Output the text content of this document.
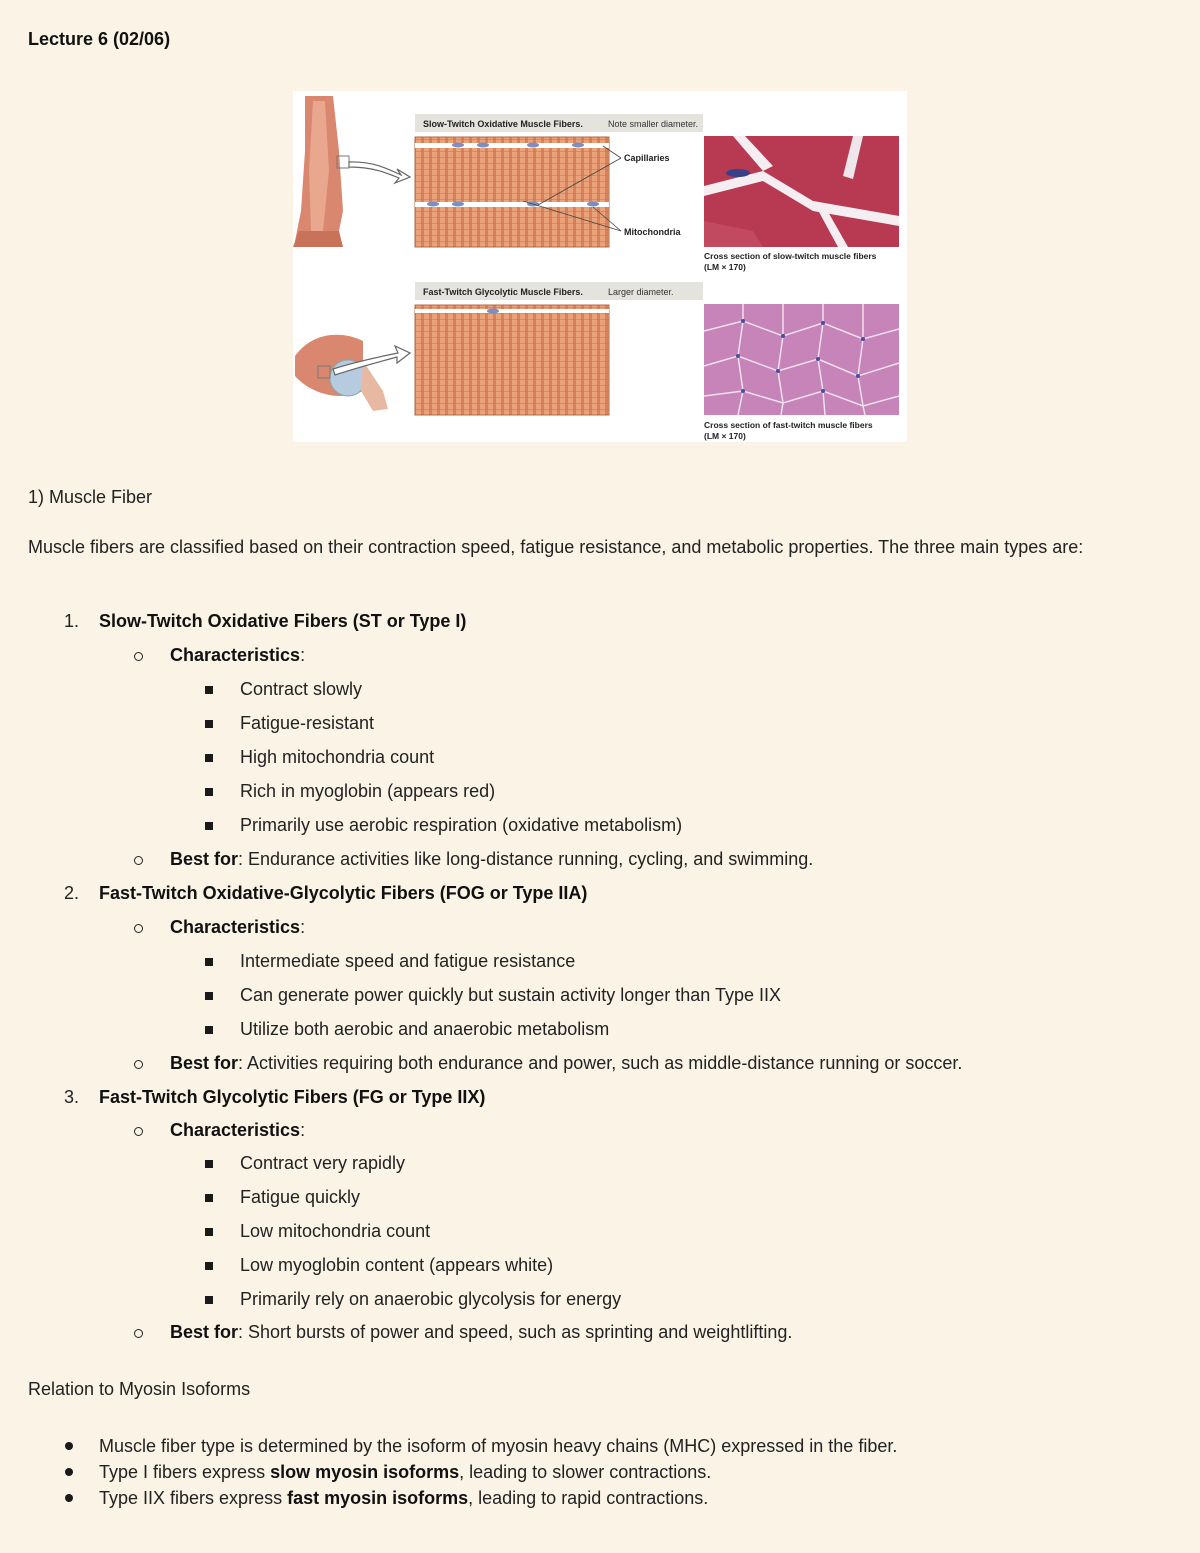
Lecture 6 (02/06)
Slow-Twitch Oxidative Muscle Fibers.	Note smaller diameter.
Capillaries
Mitochondria
Cross section of slow-twitch muscle fibers
(LM × 170)
Fast-Twitch Glycolytic Muscle Fibers.	Larger diameter.
Cross section of fast-twitch muscle fibers
(LM × 170)
1) Muscle Fiber
Muscle fibers are classified based on their contraction speed, fatigue resistance, and metabolic properties. The three main types are:
1. Slow-Twitch Oxidative Fibers (ST or Type I)
Characteristics:
Contract slowly
Fatigue-resistant
High mitochondria count
Rich in myoglobin (appears red)
Primarily use aerobic respiration (oxidative metabolism)
Best for: Endurance activities like long-distance running, cycling, and swimming.
2. Fast-Twitch Oxidative-Glycolytic Fibers (FOG or Type IIA)
Characteristics:
Intermediate speed and fatigue resistance
Can generate power quickly but sustain activity longer than Type IIX
Utilize both aerobic and anaerobic metabolism
Best for: Activities requiring both endurance and power, such as middle-distance running or soccer.
3. Fast-Twitch Glycolytic Fibers (FG or Type IIX)
Characteristics:
Contract very rapidly
Fatigue quickly
Low mitochondria count
Low myoglobin content (appears white)
Primarily rely on anaerobic glycolysis for energy
Best for: Short bursts of power and speed, such as sprinting and weightlifting.
Relation to Myosin Isoforms
Muscle fiber type is determined by the isoform of myosin heavy chains (MHC) expressed in the fiber.
Type I fibers express slow myosin isoforms, leading to slower contractions.
Type IIX fibers express fast myosin isoforms, leading to rapid contractions.
